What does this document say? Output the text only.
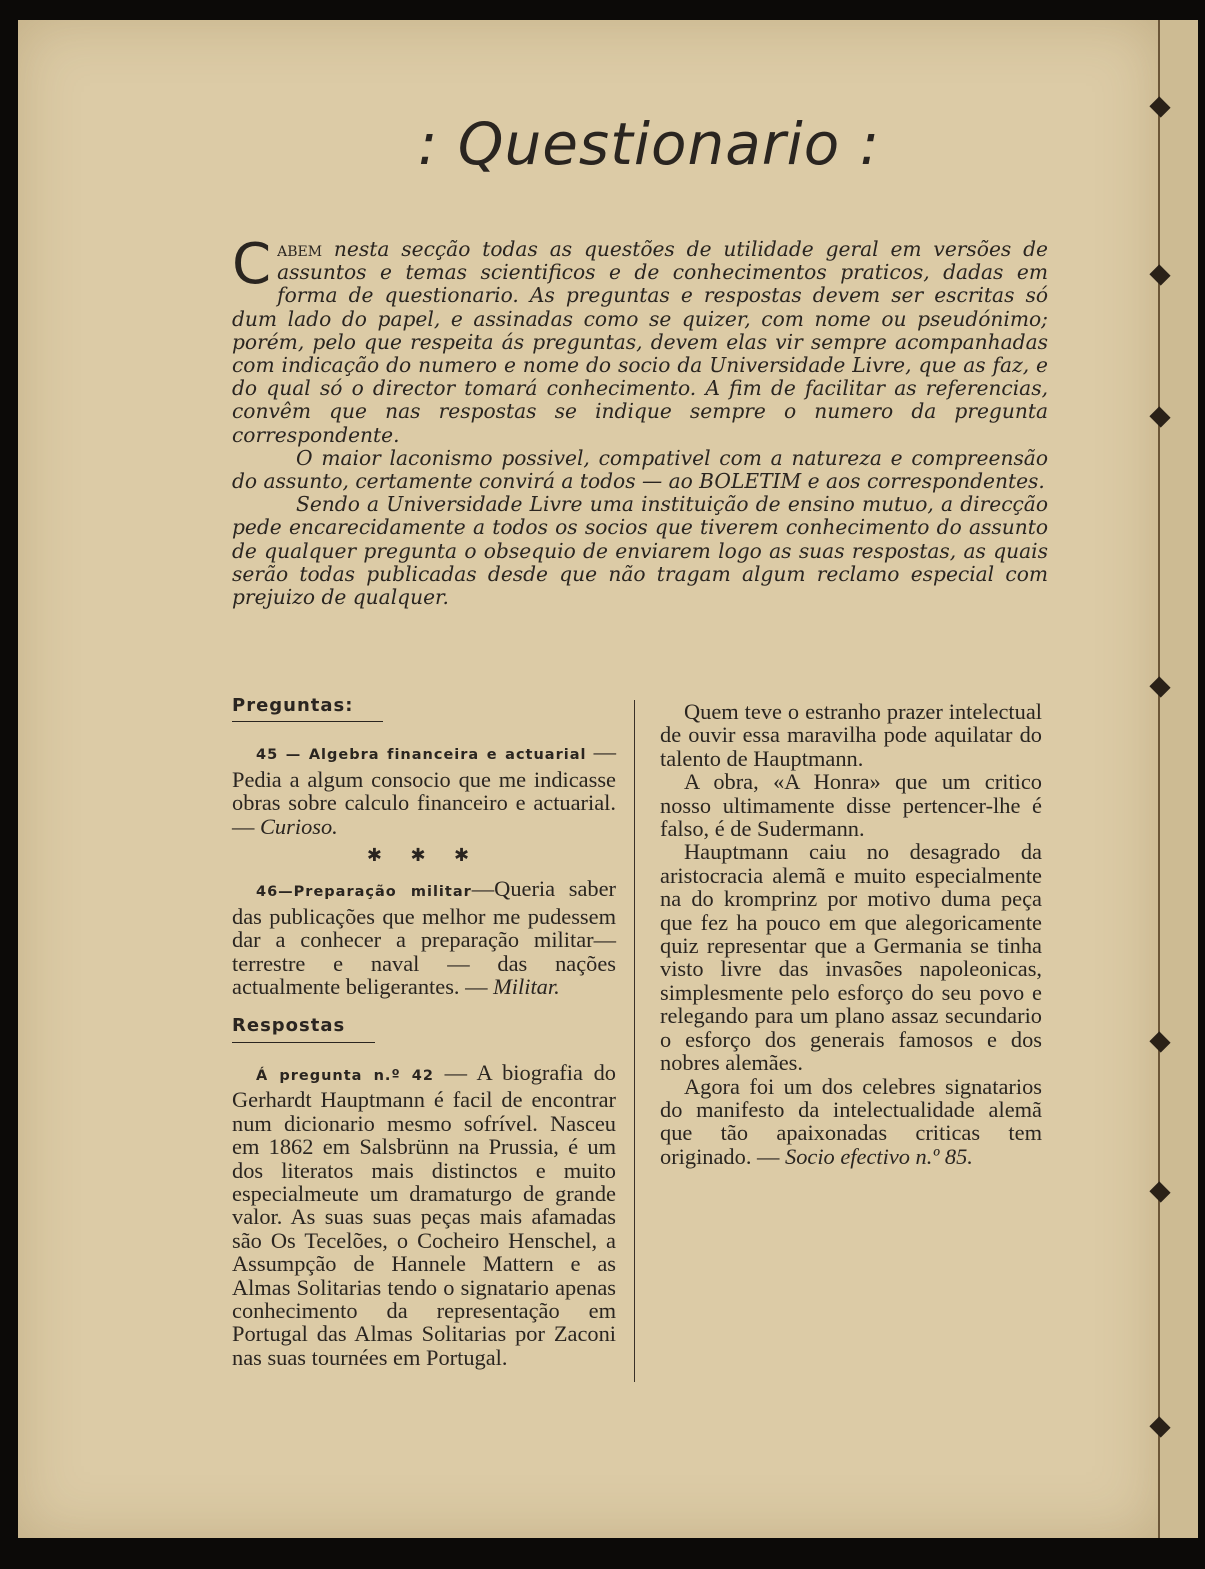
: Questionario :

Cabem nesta secção todas as questões de utilidade geral em versões de assuntos e temas scientificos e de conhecimentos praticos, dadas em forma de questionario. As preguntas e respostas devem ser escritas só dum lado do papel, e assinadas como se quizer, com nome ou pseudónimo; porém, pelo que respeita ás preguntas, devem elas vir sempre acompanhadas com indicação do numero e nome do socio da Universidade Livre, que as faz, e do qual só o director tomará conhecimento. A fim de facilitar as referencias, convêm que nas respostas se indique sempre o numero da pregunta correspondente.

O maior laconismo possivel, compativel com a natureza e compreensão do assunto, certamente convirá a todos — ao BOLETIM e aos correspondentes.

Sendo a Universidade Livre uma instituição de ensino mutuo, a direcção pede encarecidamente a todos os socios que tiverem conhecimento do assunto de qualquer pregunta o obsequio de enviarem logo as suas respostas, as quais serão todas publicadas desde que não tragam algum reclamo especial com prejuizo de qualquer.

Preguntas:

45 — Algebra financeira e actuarial — Pedia a algum consocio que me indicasse obras sobre calculo financeiro e actuarial. — Curioso.

✱ ✱ ✱

46—Preparação militar—Queria saber das publicações que melhor me pudessem dar a conhecer a preparação militar—terrestre e naval — das nações actualmente beligerantes. — Militar.

Respostas

Á pregunta n.º 42 — A biografia do Gerhardt Hauptmann é facil de encontrar num dicionario mesmo sofrível. Nasceu em 1862 em Salsbrünn na Prussia, é um dos literatos mais distinctos e muito especialmeute um dramaturgo de grande valor. As suas suas peças mais afamadas são Os Tecelões, o Cocheiro Henschel, a Assumpção de Hannele Mattern e as Almas Solitarias tendo o signatario apenas conhecimento da representação em Portugal das Almas Solitarias por Zaconi nas suas tournées em Portugal.

Quem teve o estranho prazer intelectual de ouvir essa maravilha pode aquilatar do talento de Hauptmann.

A obra, «A Honra» que um critico nosso ultimamente disse pertencer-lhe é falso, é de Sudermann.

Hauptmann caiu no desagrado da aristocracia alemã e muito especialmente na do kromprinz por motivo duma peça que fez ha pouco em que alegoricamente quiz representar que a Germania se tinha visto livre das invasões napoleonicas, simplesmente pelo esforço do seu povo e relegando para um plano assaz secundario o esforço dos generais famosos e dos nobres alemães.

Agora foi um dos celebres signatarios do manifesto da intelectualidade alemã que tão apaixonadas criticas tem originado. — Socio efectivo n.º 85.
